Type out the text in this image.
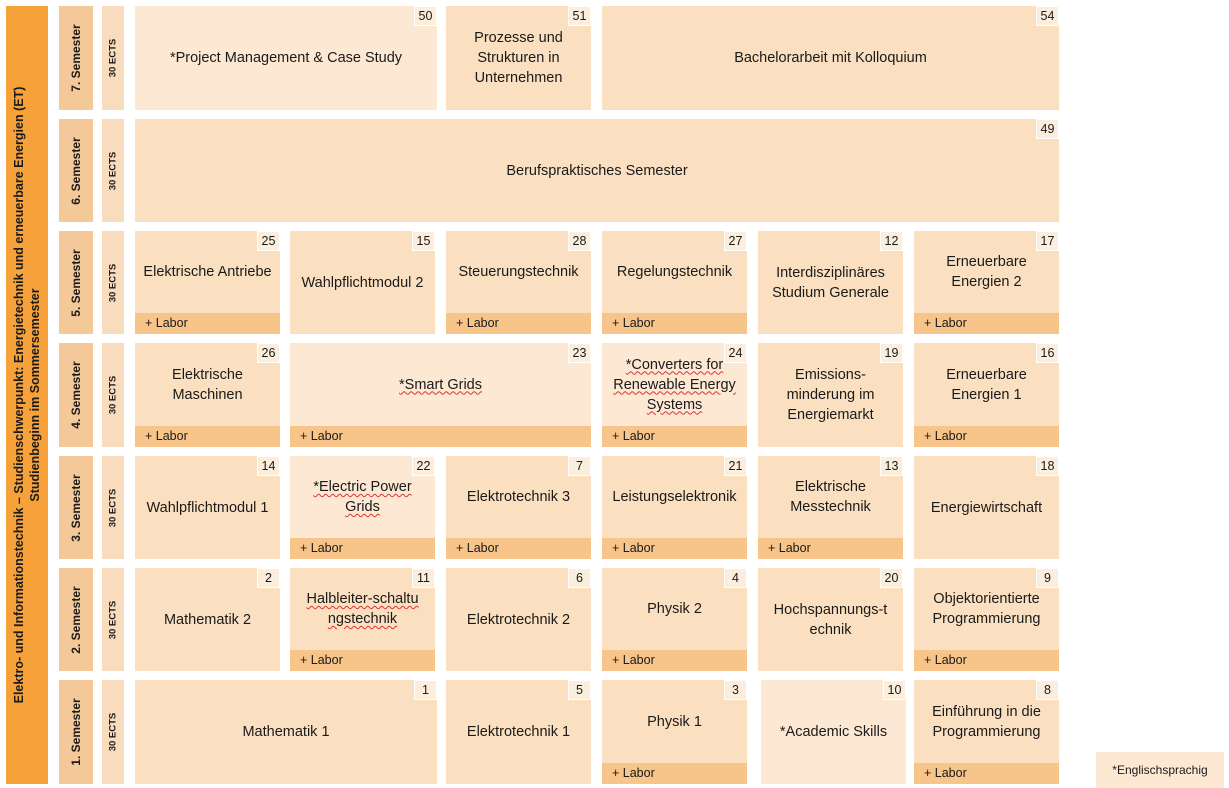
Elektro- und Informationstechnik – Studienschwerpunkt: Energietechnik und erneuerbare Energien (ET) Studienbeginn im Sommersemester
7. Semester
6. Semester
5. Semester
4. Semester
3. Semester
2. Semester
1. Semester
30 ECTS
30 ECTS
30 ECTS
30 ECTS
30 ECTS
30 ECTS
30 ECTS
*Project Management & Case Study
50
Prozesse und Strukturen in Unternehmen
51
Bachelorarbeit mit Kolloquium
54
Berufspraktisches Semester
49
Elektrische Antriebe
25
+ Labor
Wahlpflichtmodul 2
15
Steuerungstechnik
28
+ Labor
Regelungstechnik
27
+ Labor
Interdisziplinäres Studium Generale
12
Erneuerbare Energien 2
17
+ Labor
Elektrische Maschinen
26
+ Labor
*Smart Grids
23
+ Labor
*Converters for Renewable Energy Systems
24
+ Labor
Emissions-minderung im Energiemarkt
19
Erneuerbare Energien 1
16
+ Labor
Wahlpflichtmodul 1
14
*Electric Power Grids
22
+ Labor
Elektrotechnik 3
7
+ Labor
Leistungselektronik
21
+ Labor
Elektrische Messtechnik
13
+ Labor
Energiewirtschaft
18
Mathematik 2
2
Halbleiter-schaltungstechnik
11
+ Labor
Elektrotechnik 2
6
Physik 2
4
+ Labor
Hochspannungs-technik
20
Objektorientierte Programmierung
9
+ Labor
Mathematik 1
1
Elektrotechnik 1
5
Physik 1
3
+ Labor
*Academic Skills
10
Einführung in die Programmierung
8
+ Labor	*Englischsprachig
